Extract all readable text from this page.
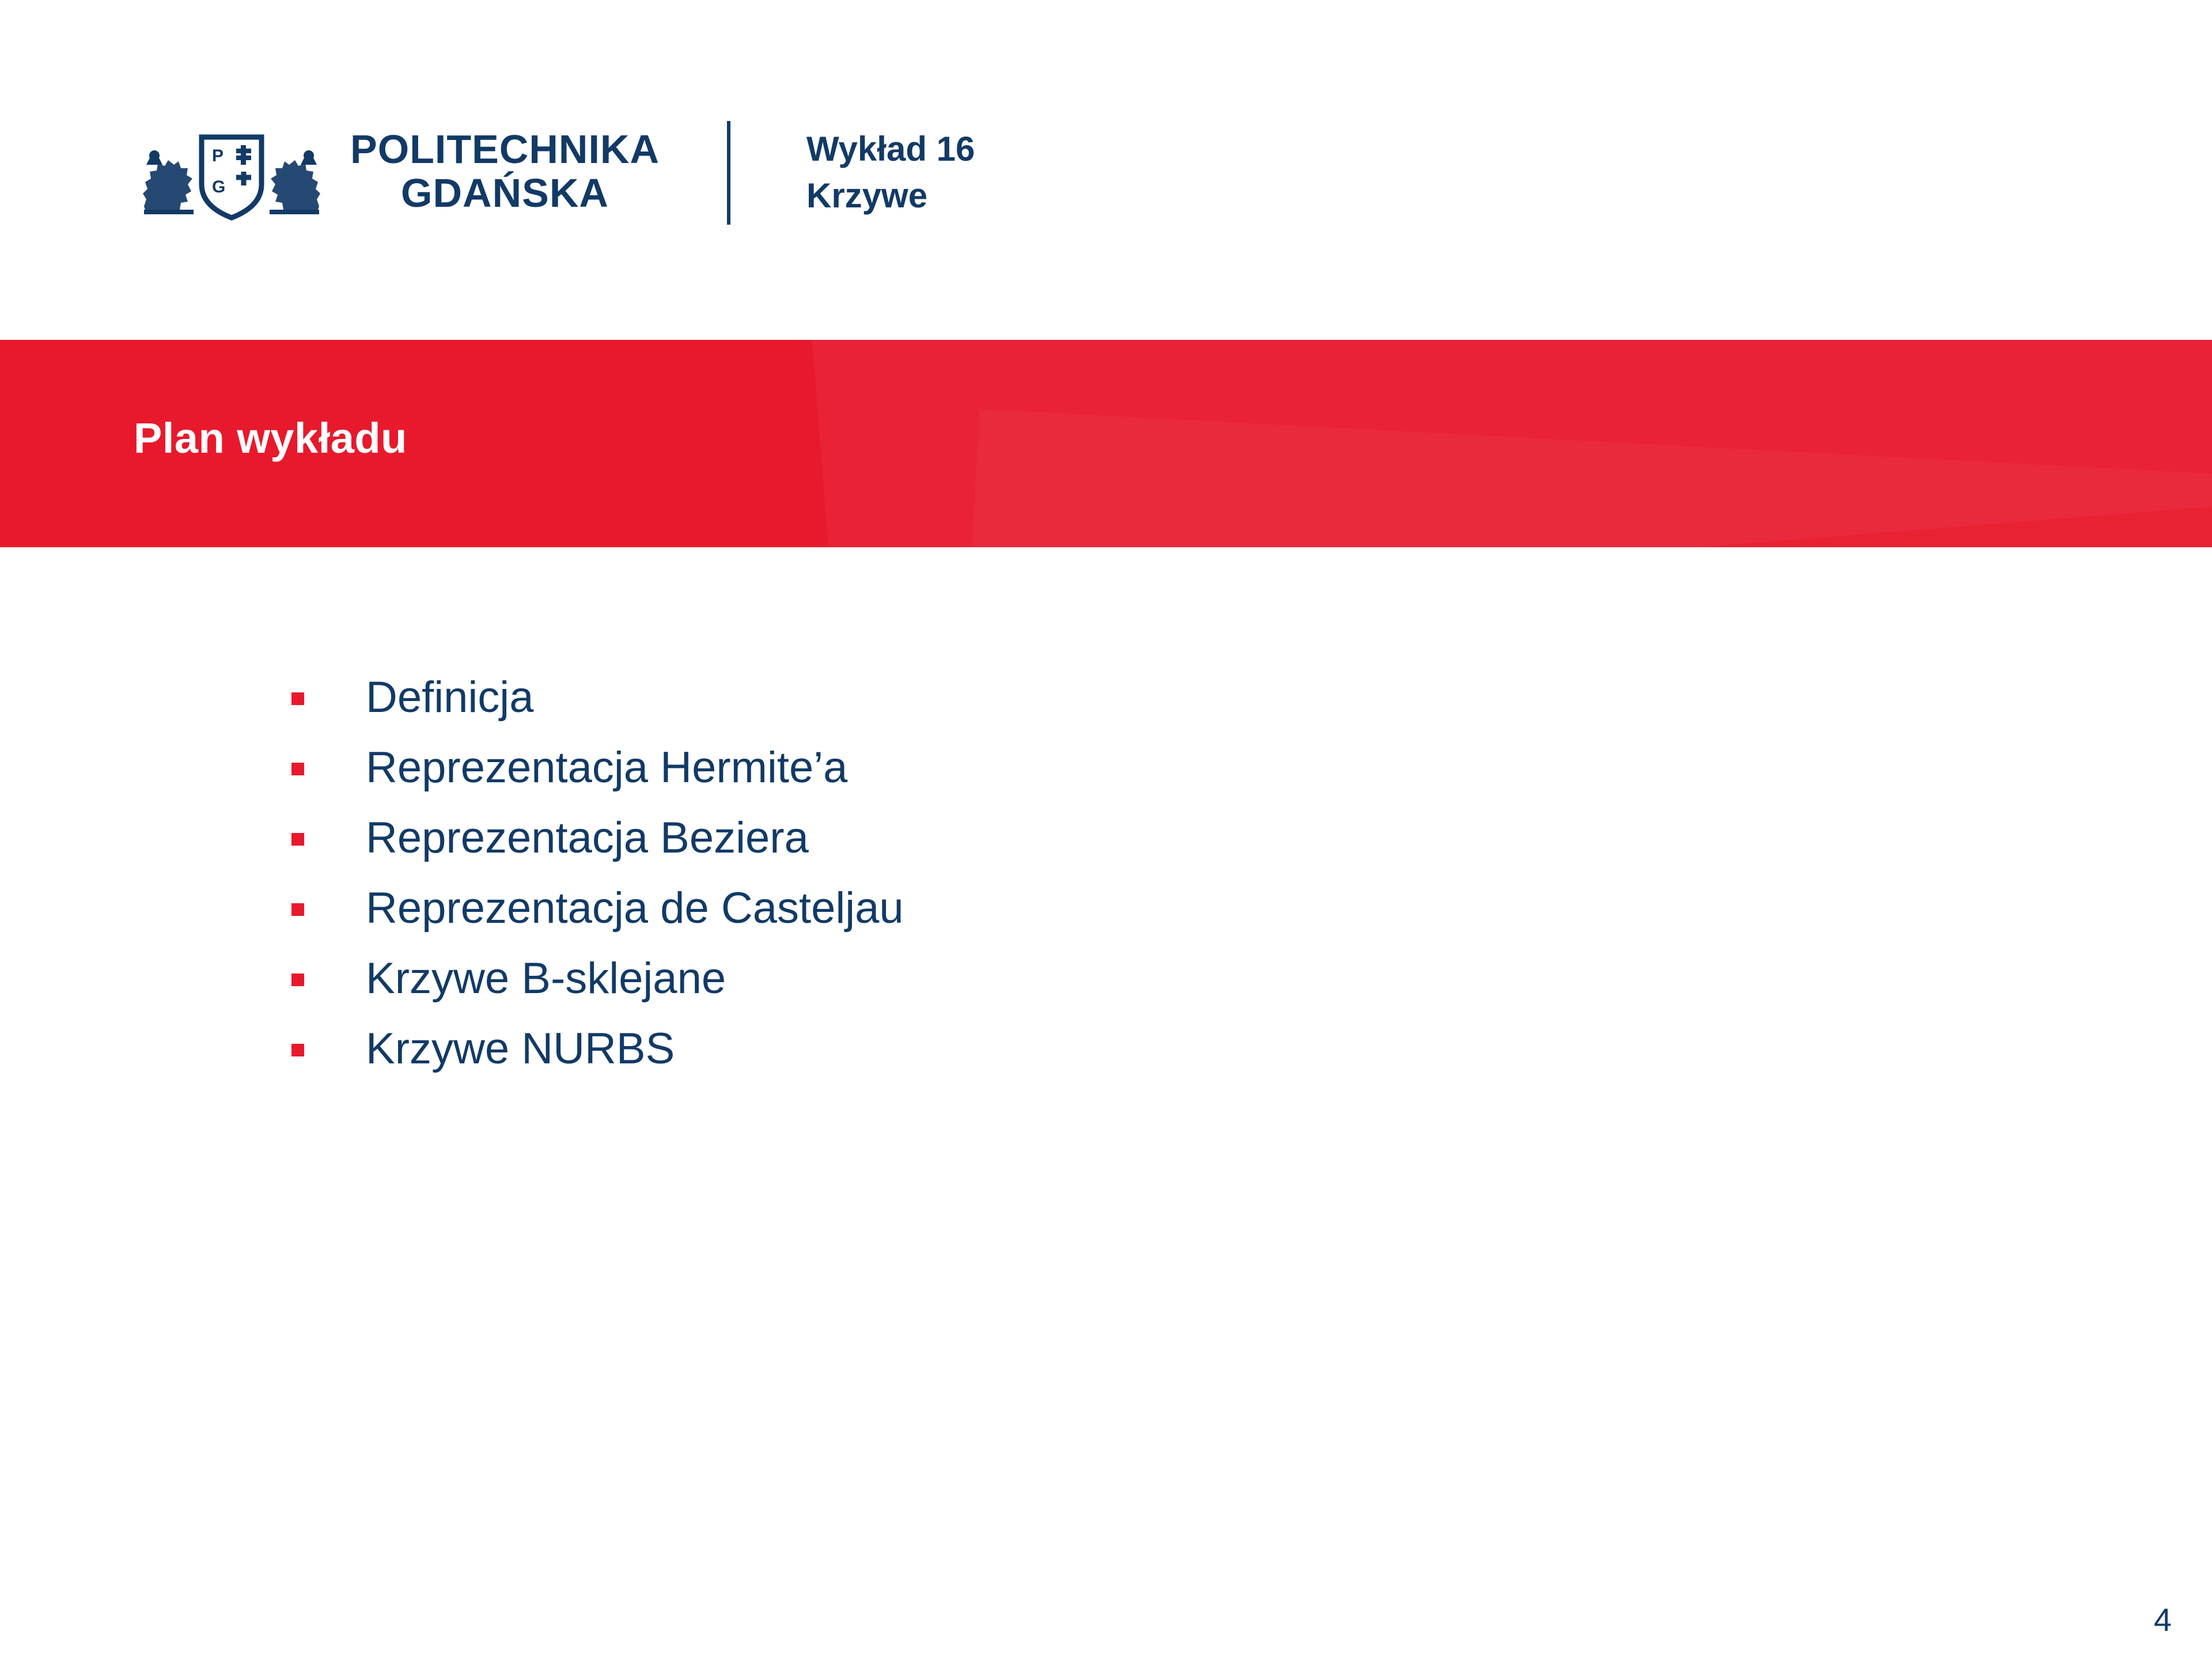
P
G
POLITECHNIKA
GDAŃSKA
Wykład 16
Krzywe
Plan wykładu
Definicja
Reprezentacja Hermite’a
Reprezentacja Beziera
Reprezentacja de Casteljau
Krzywe B-sklejane
Krzywe NURBS
4
